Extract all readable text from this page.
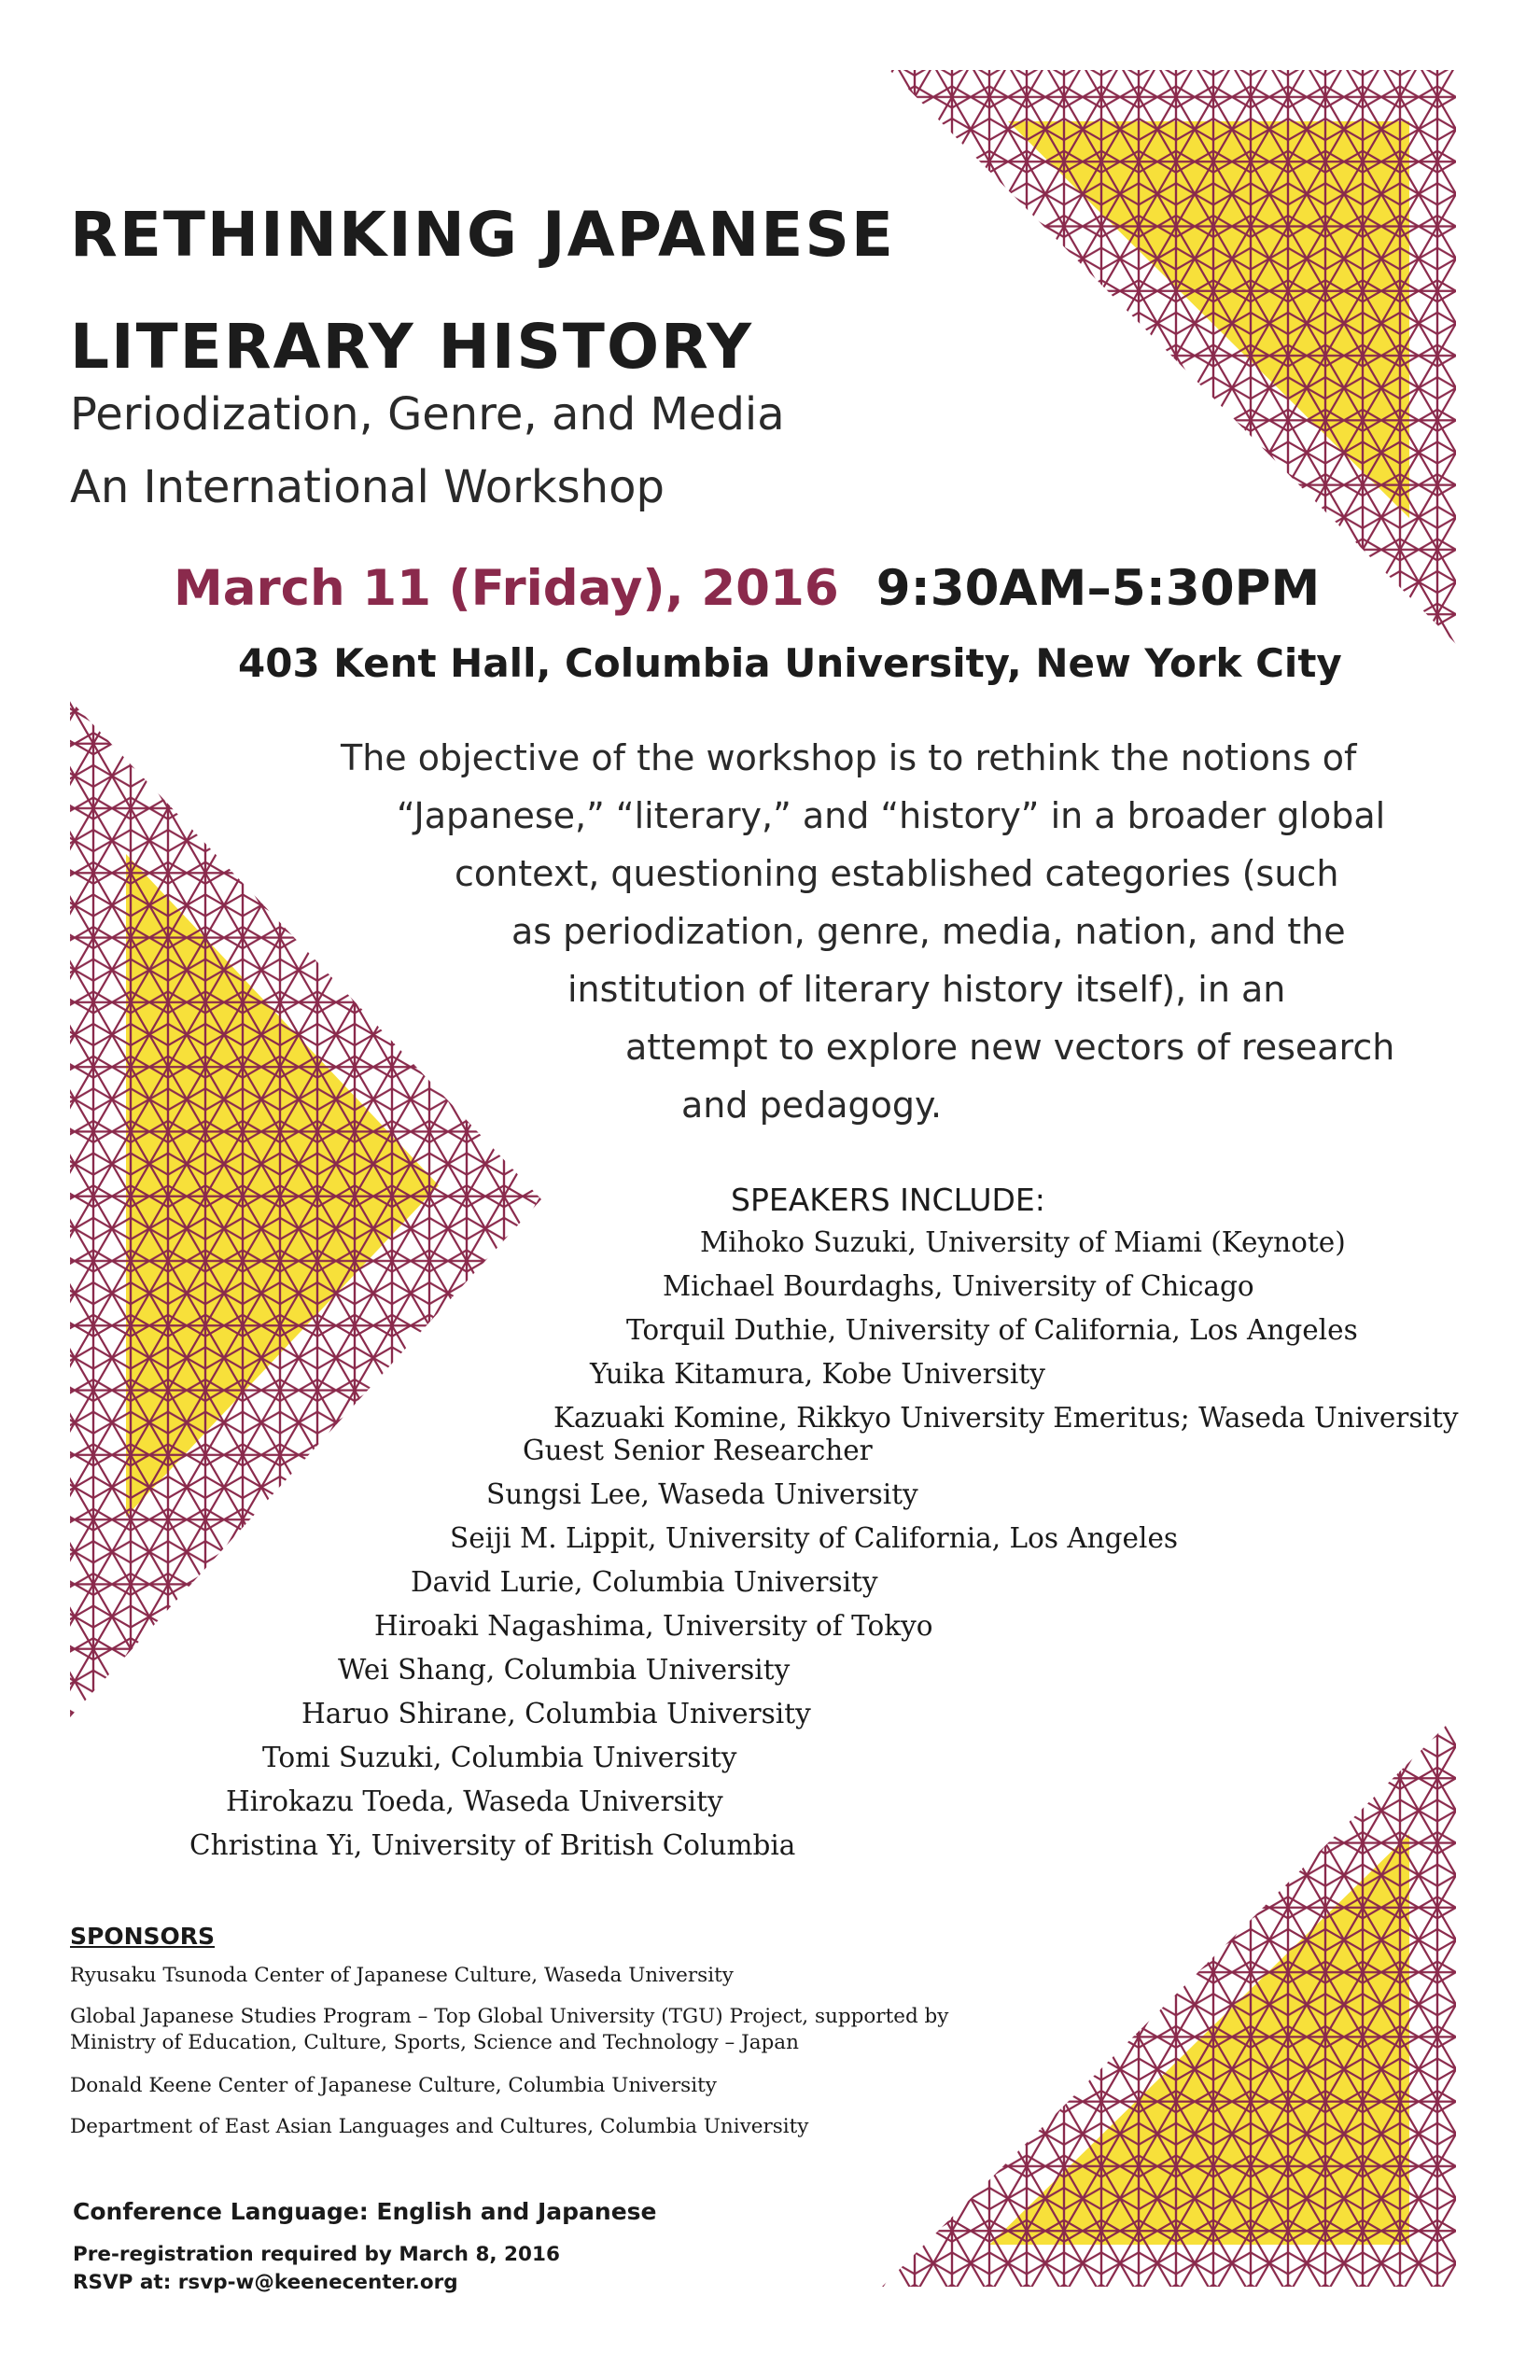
RETHINKING JAPANESE
LITERARY HISTORY
Periodization, Genre, and Media
An International Workshop
March 11 (Friday), 2016 9:30AM–5:30PM
403 Kent Hall, Columbia University, New York City
The objective of the workshop is to rethink the notions of
“Japanese,” “literary,” and “history” in a broader global
context, questioning established categories (such
as periodization, genre, media, nation, and the
institution of literary history itself), in an
attempt to explore new vectors of research
and pedagogy.
SPEAKERS INCLUDE:
Mihoko Suzuki, University of Miami (Keynote)
Michael Bourdaghs, University of Chicago
Torquil Duthie, University of California, Los Angeles
Yuika Kitamura, Kobe University
Kazuaki Komine, Rikkyo University Emeritus; Waseda University
Guest Senior Researcher
Sungsi Lee, Waseda University
Seiji M. Lippit, University of California, Los Angeles
David Lurie, Columbia University
Hiroaki Nagashima, University of Tokyo
Wei Shang, Columbia University
Haruo Shirane, Columbia University
Tomi Suzuki, Columbia University
Hirokazu Toeda, Waseda University
Christina Yi, University of British Columbia
SPONSORS
Ryusaku Tsunoda Center of Japanese Culture, Waseda University
Global Japanese Studies Program – Top Global University (TGU) Project, supported by
Ministry of Education, Culture, Sports, Science and Technology – Japan
Donald Keene Center of Japanese Culture, Columbia University
Department of East Asian Languages and Cultures, Columbia University
Conference Language: English and Japanese
Pre-registration required by March 8, 2016
RSVP at: rsvp-w@keenecenter.org
